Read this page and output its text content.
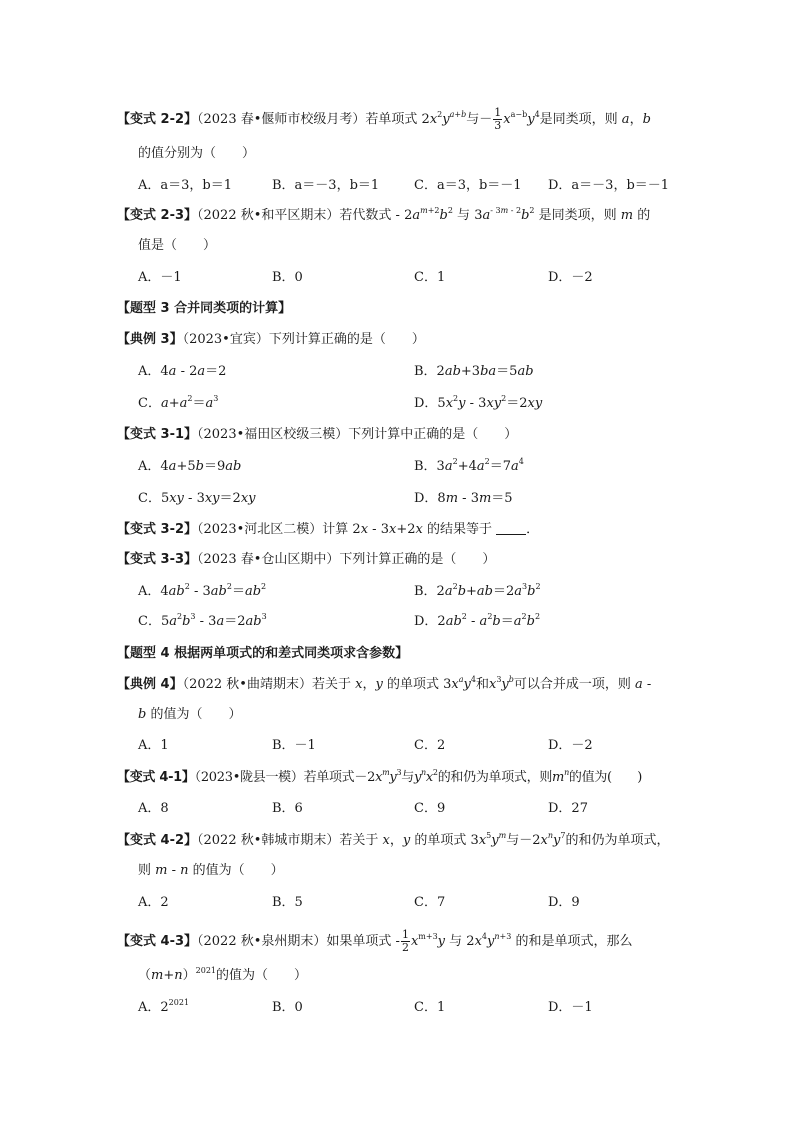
【变式 2-2】（2023 春•偃师市校级月考）若单项式 $2x^2y^{a+b}$与－ $\frac{1}{3} x^{a-b}y^4$是同类项，则 a，b
的值分别为（　　）
A．a＝3，b＝1	B．a＝－3，b＝1	C．a＝3，b＝－1 D．a＝－3，b＝－1
【变式 2-3】（2022 秋•和平区期末）若代数式 - $2a^{m+2}b^2$ 与 $3a^{- 3m - 2}b^2$ 是同类项，则 m 的
值是（　　）
A．－1	B．0	C．1	D．－2
【题型 3 合并同类项的计算】
【典例 3】（2023•宜宾）下列计算正确的是（　　）
A．4a - 2a＝2	B．2ab+3ba＝5ab
C．$a+a^2=a^3$	D．$5x^2y - 3xy^2=2xy$
【变式 3-1】（2023•福田区校级三模）下列计算中正确的是（　　）
A．4a+5b＝9ab	B．$3a^2+4a^2=7a^4$
C．5xy - 3xy＝2xy	D．8m - 3m＝5
【变式 3-2】（2023•河北区二模）计算 2x - 3x+2x 的结果等于 ．
【变式 3-3】（2023 春•仓山区期中）下列计算正确的是（　　）
A．$4ab^2 - 3ab^2=ab^2$	B．$2a^2b+ab=2a^3b^2$
C．$5a^2b^3 - 3a=2ab^3$	D．$2ab^2 - a^2b=a^2b^2$
【题型 4 根据两单项式的和差式同类项求含参数】
【典例 4】（2022 秋•曲靖期末）若关于 x，y 的单项式 $3x^ay^4$和$x^3y^b$可以合并成一项，则 a -
b 的值为（　　）
A．1	B．－1	C．2	D．－2
【变式 4-1】（2023•陇县一模）若单项式$-2x^my^3$与$y^nx^2$的和仍为单项式，则$m^n$的值为(　　)
A．8	B．6	C．9	D．27
【变式 4-2】（2022 秋•韩城市期末）若关于 x，y 的单项式 $3x^5y^m$与$-2x^ny^7$的和仍为单项式，
则 m - n 的值为（　　）
A．2	B．5	C．7	D．9
【变式 4-3】（2022 秋•泉州期末）如果单项式 - $\frac{1}{2} x^{m+3}y$ 与 $2x^4y^{n+3}$ 的和是单项式，那么
$(m+n)^{2021}$的值为（　　）
A．$2^{2021}$	B．0	C．1	D．－1
